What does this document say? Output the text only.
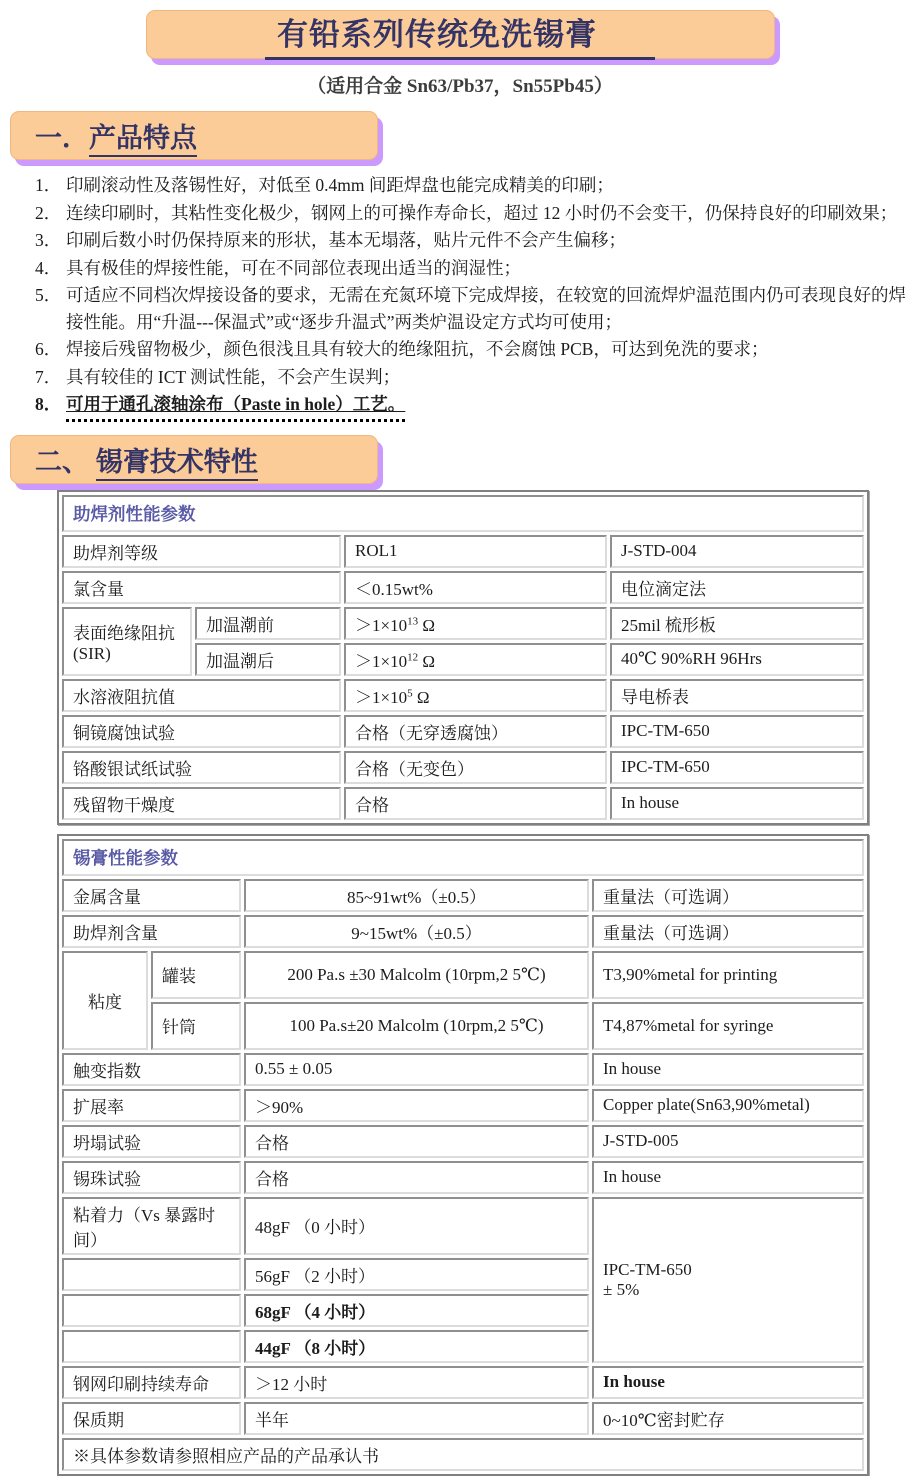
有铅系列传统免洗锡膏
（适用合金 Sn63/Pb37，Sn55Pb45）
一．产品特点
1． 印刷滚动性及落锡性好，对低至 0.4mm 间距焊盘也能完成精美的印刷；
2． 连续印刷时，其粘性变化极少，钢网上的可操作寿命长，超过 12 小时仍不会变干，仍保持良好的印刷效果；
3． 印刷后数小时仍保持原来的形状，基本无塌落，贴片元件不会产生偏移；
4． 具有极佳的焊接性能，可在不同部位表现出适当的润湿性；
5． 可适应不同档次焊接设备的要求，无需在充氮环境下完成焊接，在较宽的回流焊炉温范围内仍可表现良好的焊接性能。用“升温---保温式”或“逐步升温式”两类炉温设定方式均可使用；
6． 焊接后残留物极少，颜色很浅且具有较大的绝缘阻抗，不会腐蚀 PCB，可达到免洗的要求；
7． 具有较佳的 ICT 测试性能，不会产生误判；
8． 可用于通孔滚轴涂布（Paste in hole）工艺。
二、 锡膏技术特性
助焊剂性能参数			
助焊剂等级		ROL1	J-STD-004
氯含量		＜0.15wt%	电位滴定法
表面绝缘阻抗
(SIR)	加温潮前	$>1\times 10^{13}$ Ω	25mil 梳形板
	加温潮后	$>1\times 10^{12}$ Ω	40℃ 90%RH 96Hrs
水溶液阻抗值		$>1\times 10^5$ Ω	导电桥表
铜镜腐蚀试验		合格（无穿透腐蚀）	IPC-TM-650
铬酸银试纸试验		合格（无变色）	IPC-TM-650
残留物干燥度		合格	In house
锡膏性能参数			
金属含量		85~91wt%（±0.5）	重量法（可选调）
助焊剂含量		9~15wt%（±0.5）	重量法（可选调）
粘度	罐装	200 Pa.s ±30 Malcolm (10rpm,2 5℃)	T3,90%metal for printing
	针筒	100 Pa.s±20 Malcolm (10rpm,2 5℃)	T4,87%metal for syringe
触变指数		0.55 ± 0.05	In house
扩展率		＞90%	Copper plate(Sn63,90%metal)
坍塌试验		合格	J-STD-005
锡珠试验		合格	In house
粘着力（Vs 暴露时间）		48gF （0 小时）	IPC-TM-650
± 5%
		56gF （2 小时）	
		68gF （4 小时）	
		44gF （8 小时）	
钢网印刷持续寿命		＞12 小时	In house
保质期		半年	0~10℃密封贮存
※具体参数请参照相应产品的产品承认书			
